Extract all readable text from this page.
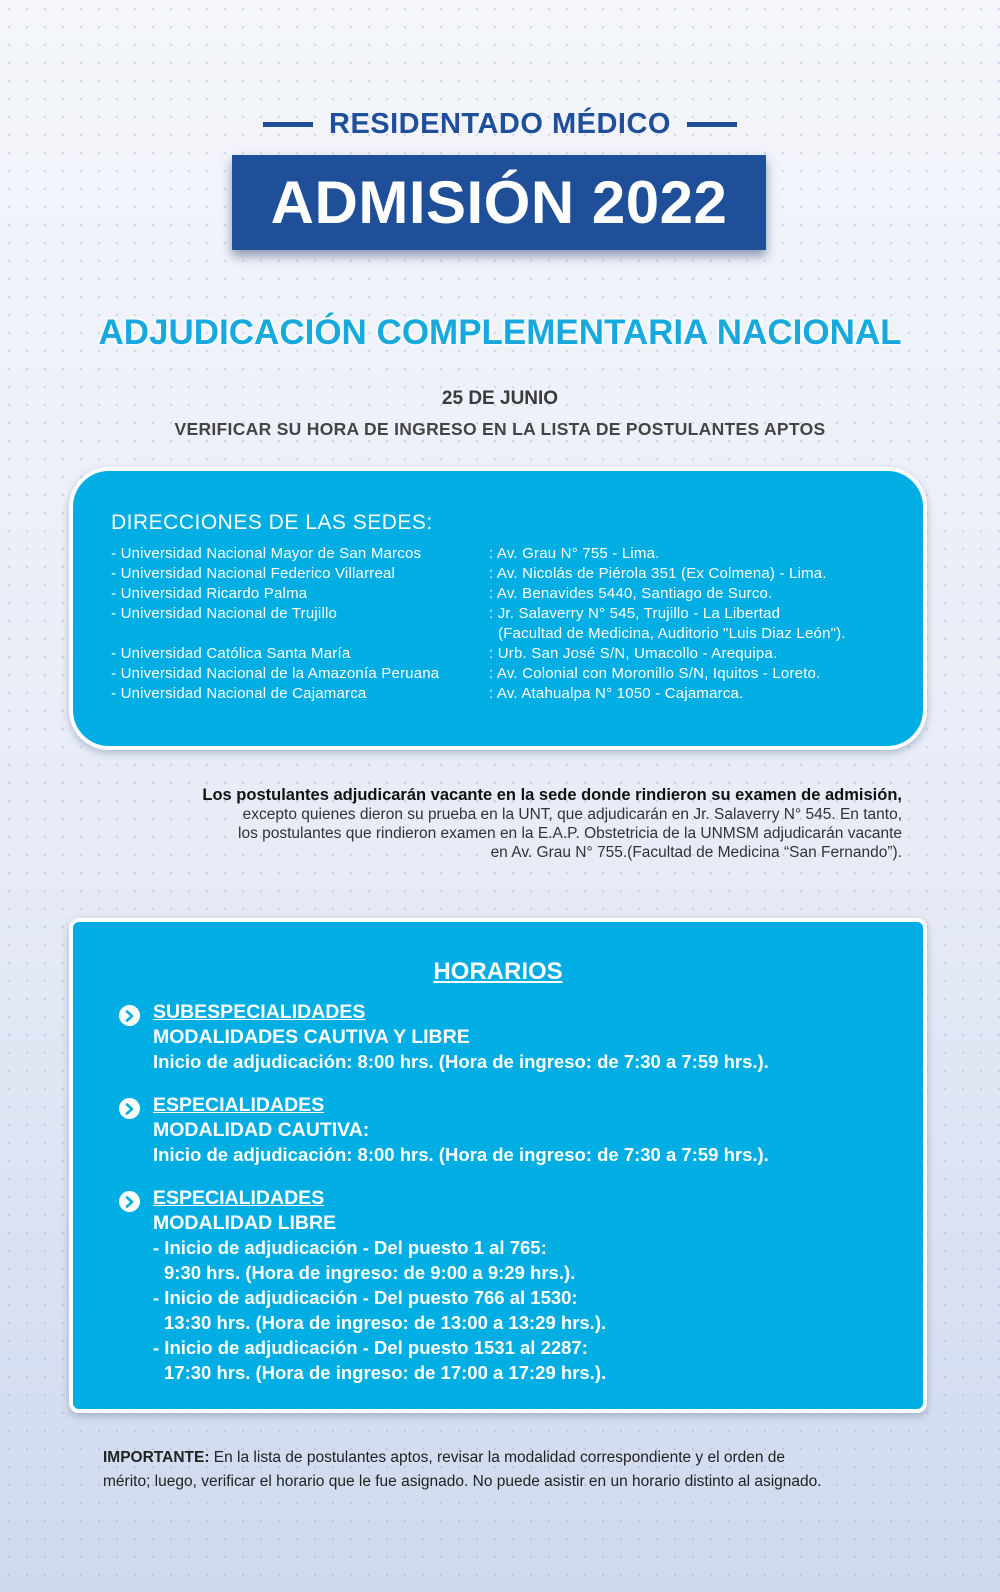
RESIDENTADO MÉDICO
ADMISIÓN 2022
ADJUDICACIÓN COMPLEMENTARIA NACIONAL
25 DE JUNIO
VERIFICAR SU HORA DE INGRESO EN LA LISTA DE POSTULANTES APTOS
DIRECCIONES DE LAS SEDES:
- Universidad Nacional Mayor de San Marcos	: Av. Grau N° 755 - Lima.
- Universidad Nacional Federico Villarreal	: Av. Nicolás de Piérola 351 (Ex Colmena) - Lima.
- Universidad Ricardo Palma	: Av. Benavides 5440, Santiago de Surco.
- Universidad Nacional de Trujillo	: Jr. Salaverry N° 545, Trujillo - La Libertad
(Facultad de Medicina, Auditorio "Luis Diaz León").
- Universidad Católica Santa María	: Urb. San José S/N, Umacollo - Arequipa.
- Universidad Nacional de la Amazonía Peruana	: Av. Colonial con Moronillo S/N, Iquitos - Loreto.
- Universidad Nacional de Cajamarca	: Av. Atahualpa N° 1050 - Cajamarca.
Los postulantes adjudicarán vacante en la sede donde rindieron su examen de admisión,
excepto quienes dieron su prueba en la UNT, que adjudicarán en Jr. Salaverry N° 545. En tanto,
los postulantes que rindieron examen en la E.A.P. Obstetricia de la UNMSM adjudicarán vacante
en Av. Grau N° 755.(Facultad de Medicina “San Fernando”).
HORARIOS
SUBESPECIALIDADES
MODALIDADES CAUTIVA Y LIBRE
Inicio de adjudicación: 8:00 hrs. (Hora de ingreso: de 7:30 a 7:59 hrs.).
ESPECIALIDADES
MODALIDAD CAUTIVA:
Inicio de adjudicación: 8:00 hrs. (Hora de ingreso: de 7:30 a 7:59 hrs.).
ESPECIALIDADES
MODALIDAD LIBRE
- Inicio de adjudicación - Del puesto 1 al 765:
9:30 hrs. (Hora de ingreso: de 9:00 a 9:29 hrs.).
- Inicio de adjudicación - Del puesto 766 al 1530:
13:30 hrs. (Hora de ingreso: de 13:00 a 13:29 hrs.).
- Inicio de adjudicación - Del puesto 1531 al 2287:
17:30 hrs. (Hora de ingreso: de 17:00 a 17:29 hrs.).
IMPORTANTE: En la lista de postulantes aptos, revisar la modalidad correspondiente y el orden de
mérito; luego, verificar el horario que le fue asignado. No puede asistir en un horario distinto al asignado.
